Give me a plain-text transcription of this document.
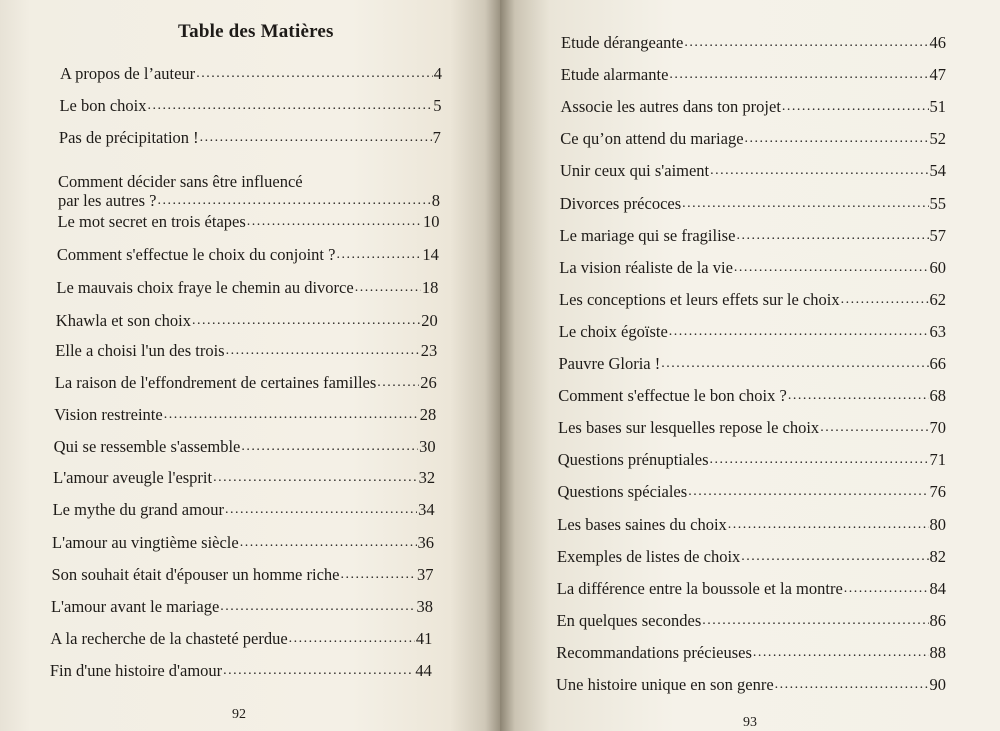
Table des Matières
A propos de l’auteur .....	4
Le bon choix .....	5
Pas de précipitation ! .....	7
Comment décider sans être influencé
par les autres ? .....	8
Le mot secret en trois étapes .....	10
Comment s'effectue le choix du conjoint ? .....	14
Le mauvais choix fraye le chemin au divorce .....	18
Khawla et son choix .....	20
Elle a choisi l'un des trois .....	23
La raison de l'effondrement de certaines familles .....	26
Vision restreinte .....	28
Qui se ressemble s'assemble .....	30
L'amour aveugle l'esprit .....	32
Le mythe du grand amour .....	34
L'amour au vingtième siècle .....	36
Son souhait était d'épouser un homme riche .....	37
L'amour avant le mariage .....	38
A la recherche de la chasteté perdue .....	41
Fin d'une histoire d'amour .....	44
92
Etude dérangeante .....	46
Etude alarmante .....	47
Associe les autres dans ton projet .....	51
Ce qu’on attend du mariage .....	52
Unir ceux qui s'aiment .....	54
Divorces précoces .....	55
Le mariage qui se fragilise .....	57
La vision réaliste de la vie .....	60
Les conceptions et leurs effets sur le choix .....	62
Le choix égoïste .....	63
Pauvre Gloria ! .....	66
Comment s'effectue le bon choix ? .....	68
Les bases sur lesquelles repose le choix .....	70
Questions prénuptiales .....	71
Questions spéciales .....	76
Les bases saines du choix .....	80
Exemples de listes de choix .....	82
La différence entre la boussole et la montre .....	84
En quelques secondes .....	86
Recommandations précieuses .....	88
Une histoire unique en son genre .....	90
93
